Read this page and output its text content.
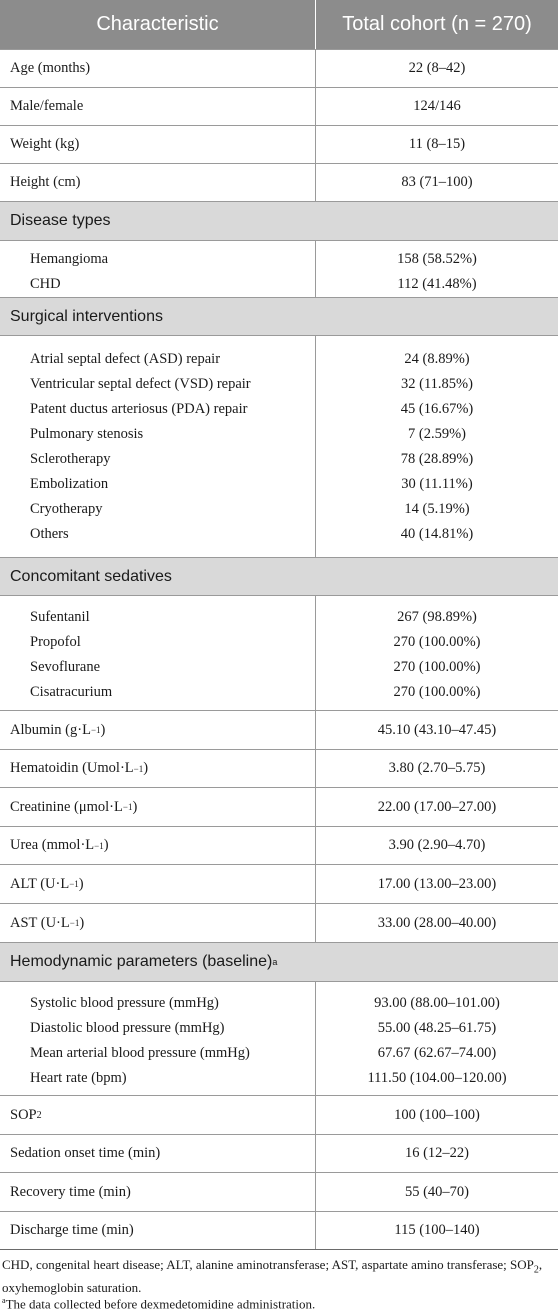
Characteristic	Total cohort (n = 270)
Age (months)	22 (8–42)
Male/female	124/146
Weight (kg)	11 (8–15)
Height (cm)	83 (71–100)
Disease types
Hemangioma	158 (58.52%)
CHD	112 (41.48%)
Surgical interventions
Atrial septal defect (ASD) repair	24 (8.89%)
Ventricular septal defect (VSD) repair	32 (11.85%)
Patent ductus arteriosus (PDA) repair	45 (16.67%)
Pulmonary stenosis	7 (2.59%)
Sclerotherapy	78 (28.89%)
Embolization	30 (11.11%)
Cryotherapy	14 (5.19%)
Others	40 (14.81%)
Concomitant sedatives
Sufentanil	267 (98.89%)
Propofol	270 (100.00%)
Sevoflurane	270 (100.00%)
Cisatracurium	270 (100.00%)
Albumin (g·L −1 )	45.10 (43.10–47.45)
Hematoidin (Umol·L −1 )	3.80 (2.70–5.75)
Creatinine (μmol·L −1 )	22.00 (17.00–27.00)
Urea (mmol·L −1 )	3.90 (2.90–4.70)
ALT (U·L −1 )	17.00 (13.00–23.00)
AST (U·L −1 )	33.00 (28.00–40.00)
Hemodynamic parameters (baseline) a
Systolic blood pressure (mmHg)	93.00 (88.00–101.00)
Diastolic blood pressure (mmHg)	55.00 (48.25–61.75)
Mean arterial blood pressure (mmHg)	67.67 (62.67–74.00)
Heart rate (bpm)	111.50 (104.00–120.00)
SOP 2	100 (100–100)
Sedation onset time (min)	16 (12–22)
Recovery time (min)	55 (40–70)
Discharge time (min)	115 (100–140)
CHD, congenital heart disease; ALT, alanine aminotransferase; AST, aspartate amino transferase; $SOP_2$, oxyhemoglobin saturation.
$^a$The data collected before dexmedetomidine administration.
